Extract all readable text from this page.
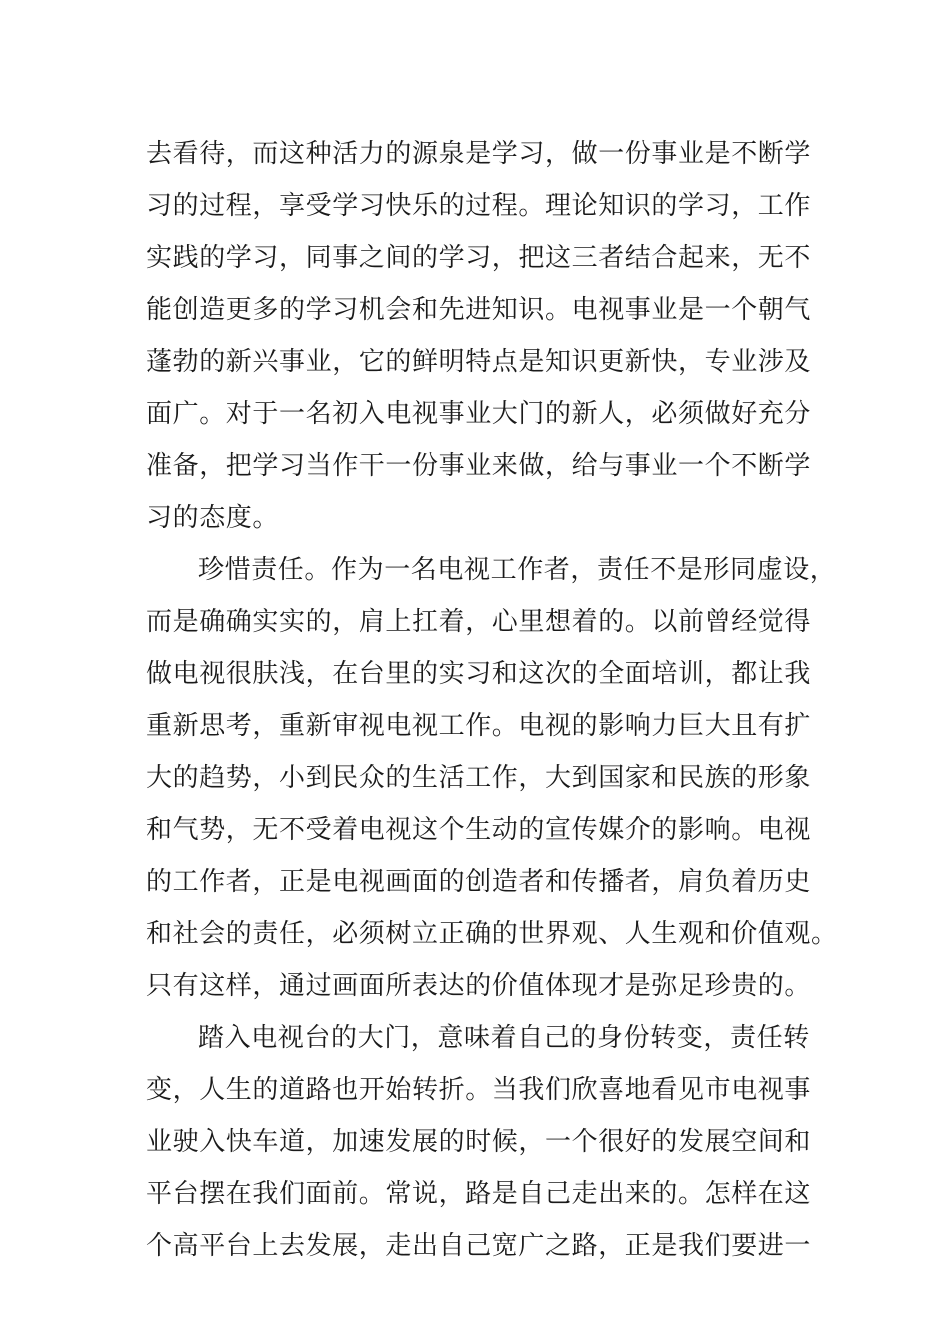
去看待，而这种活力的源泉是学习，做一份事业是不断学
习的过程，享受学习快乐的过程。理论知识的学习，工作
实践的学习，同事之间的学习，把这三者结合起来，无不
能创造更多的学习机会和先进知识。电视事业是一个朝气
蓬勃的新兴事业，它的鲜明特点是知识更新快，专业涉及
面广。对于一名初入电视事业大门的新人，必须做好充分
准备，把学习当作干一份事业来做，给与事业一个不断学
习的态度。
珍惜责任。作为一名电视工作者，责任不是形同虚设，
而是确确实实的，肩上扛着，心里想着的。以前曾经觉得
做电视很肤浅，在台里的实习和这次的全面培训，都让我
重新思考，重新审视电视工作。电视的影响力巨大且有扩
大的趋势，小到民众的生活工作，大到国家和民族的形象
和气势，无不受着电视这个生动的宣传媒介的影响。电视
的工作者，正是电视画面的创造者和传播者，肩负着历史
和社会的责任，必须树立正确的世界观、人生观和价值观。
只有这样，通过画面所表达的价值体现才是弥足珍贵的。
踏入电视台的大门，意味着自己的身份转变，责任转
变，人生的道路也开始转折。当我们欣喜地看见市电视事
业驶入快车道，加速发展的时候，一个很好的发展空间和
平台摆在我们面前。常说，路是自己走出来的。怎样在这
个高平台上去发展，走出自己宽广之路，正是我们要进一
